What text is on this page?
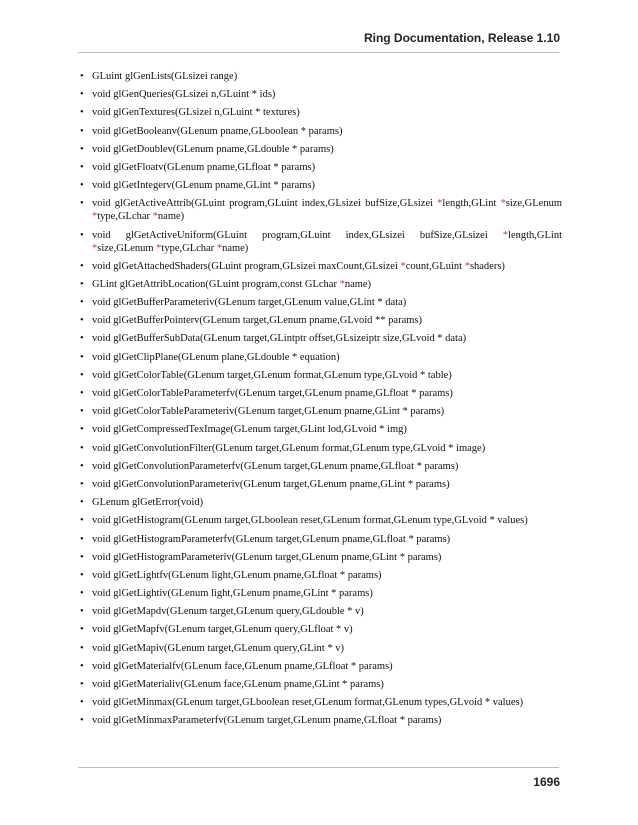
Ring Documentation, Release 1.10
• GLuint glGenLists(GLsizei range)
• void glGenQueries(GLsizei n,GLuint * ids)
• void glGenTextures(GLsizei n,GLuint * textures)
• void glGetBooleanv(GLenum pname,GLboolean * params)
• void glGetDoublev(GLenum pname,GLdouble * params)
• void glGetFloatv(GLenum pname,GLfloat * params)
• void glGetIntegerv(GLenum pname,GLint * params)
• void glGetActiveAttrib(GLuint program,GLuint index,GLsizei bufSize,GLsizei *length,GLint *size,GLenum *type,GLchar *name)
• void glGetActiveUniform(GLuint program,GLuint index,GLsizei bufSize,GLsizei *length,GLint *size,GLenum *type,GLchar *name)
• void glGetAttachedShaders(GLuint program,GLsizei maxCount,GLsizei *count,GLuint *shaders)
• GLint glGetAttribLocation(GLuint program,const GLchar *name)
• void glGetBufferParameteriv(GLenum target,GLenum value,GLint * data)
• void glGetBufferPointerv(GLenum target,GLenum pname,GLvoid ** params)
• void glGetBufferSubData(GLenum target,GLintptr offset,GLsizeiptr size,GLvoid * data)
• void glGetClipPlane(GLenum plane,GLdouble * equation)
• void glGetColorTable(GLenum target,GLenum format,GLenum type,GLvoid * table)
• void glGetColorTableParameterfv(GLenum target,GLenum pname,GLfloat * params)
• void glGetColorTableParameteriv(GLenum target,GLenum pname,GLint * params)
• void glGetCompressedTexImage(GLenum target,GLint lod,GLvoid * img)
• void glGetConvolutionFilter(GLenum target,GLenum format,GLenum type,GLvoid * image)
• void glGetConvolutionParameterfv(GLenum target,GLenum pname,GLfloat * params)
• void glGetConvolutionParameteriv(GLenum target,GLenum pname,GLint * params)
• GLenum glGetError(void)
• void glGetHistogram(GLenum target,GLboolean reset,GLenum format,GLenum type,GLvoid * values)
• void glGetHistogramParameterfv(GLenum target,GLenum pname,GLfloat * params)
• void glGetHistogramParameteriv(GLenum target,GLenum pname,GLint * params)
• void glGetLightfv(GLenum light,GLenum pname,GLfloat * params)
• void glGetLightiv(GLenum light,GLenum pname,GLint * params)
• void glGetMapdv(GLenum target,GLenum query,GLdouble * v)
• void glGetMapfv(GLenum target,GLenum query,GLfloat * v)
• void glGetMapiv(GLenum target,GLenum query,GLint * v)
• void glGetMaterialfv(GLenum face,GLenum pname,GLfloat * params)
• void glGetMaterialiv(GLenum face,GLenum pname,GLint * params)
• void glGetMinmax(GLenum target,GLboolean reset,GLenum format,GLenum types,GLvoid * values)
• void glGetMinmaxParameterfv(GLenum target,GLenum pname,GLfloat * params)
1696
